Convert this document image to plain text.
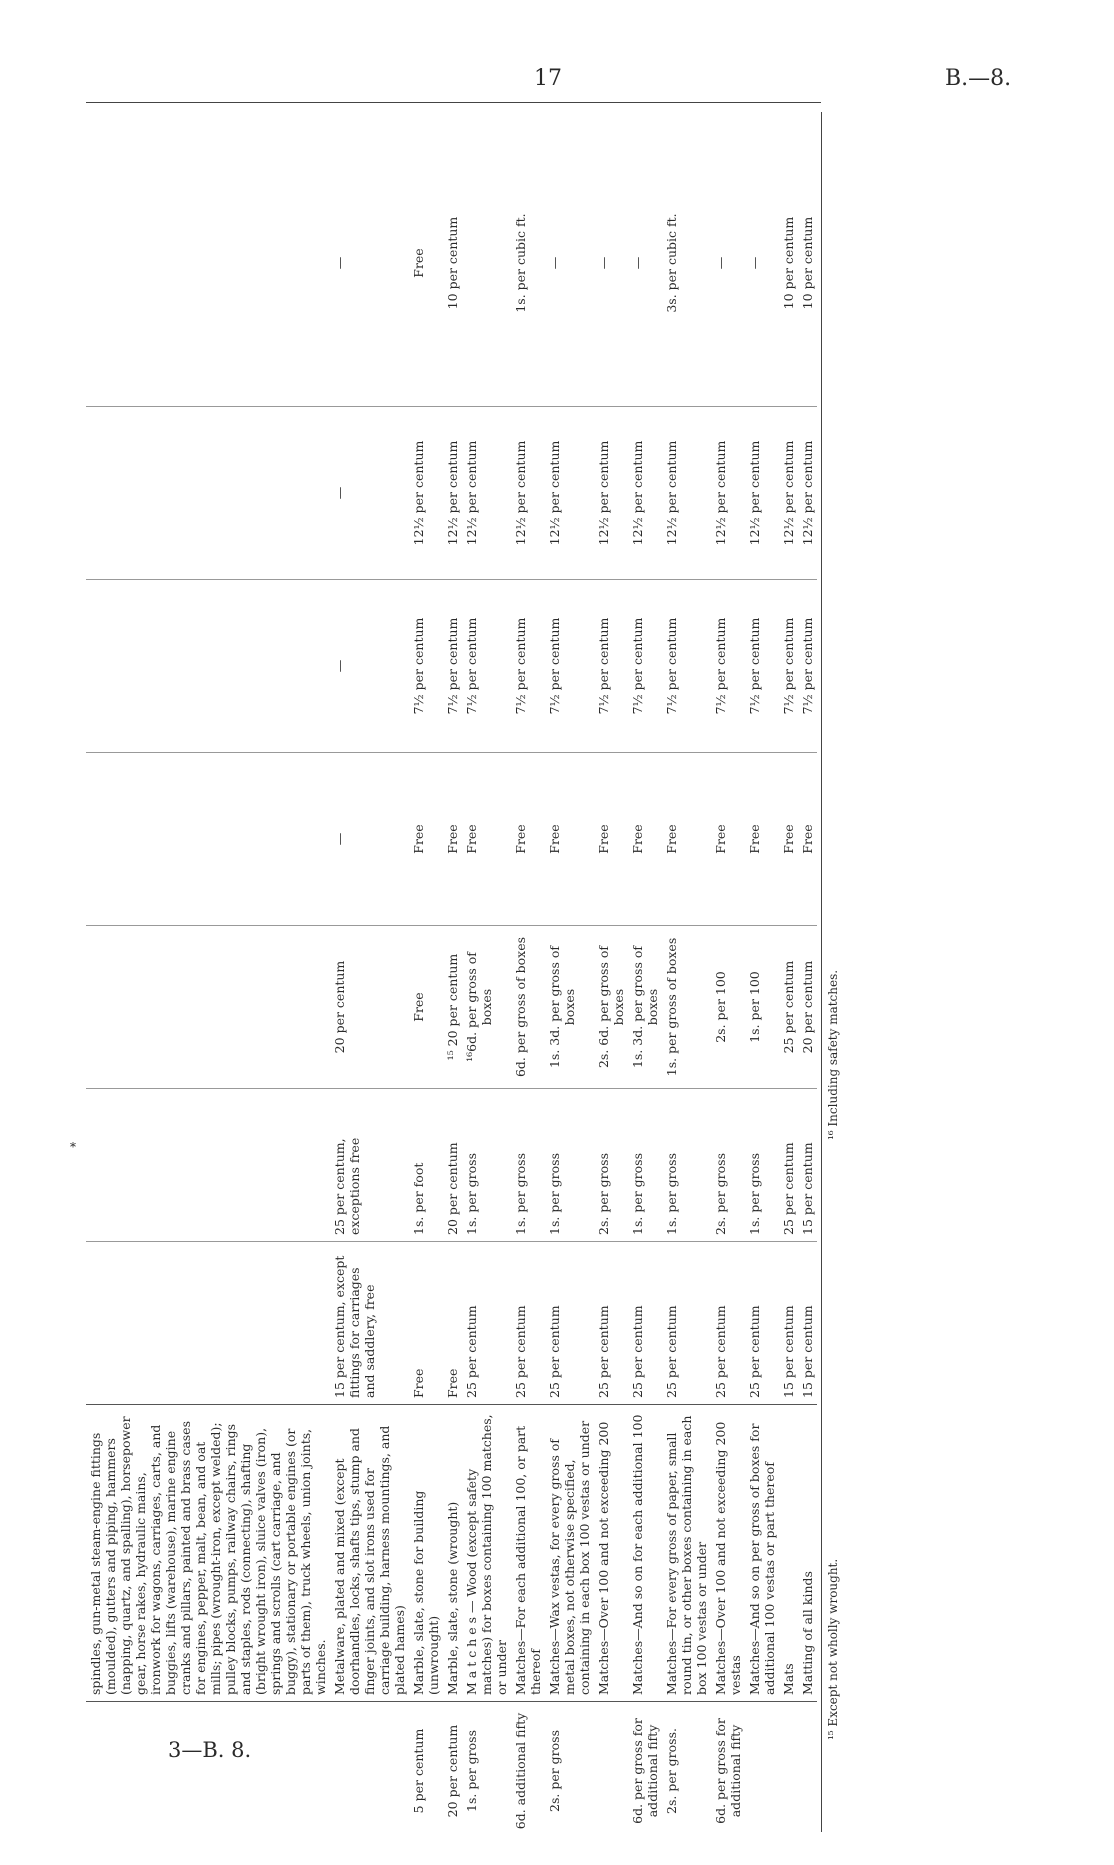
17	B.—8.
3—B. 8.
*
	spindles, gun-metal steam-engine fittings (moulded), gutters and piping, hammers (napping, quartz, and spalling), horsepower gear, horse rakes, hydraulic mains, ironwork for wagons, carriages, carts, and buggies, lifts (warehouse), marine engine cranks and pillars, painted and brass cases for engines, pepper, malt, bean, and oat mills; pipes (wrought-iron, except welded); pulley blocks, pumps, railway chairs, rings and staples, rods (connecting), shafting (bright wrought iron), sluice valves (iron), springs and scrolls (cart carriage, and buggy), stationary or portable engines (or parts of them), truck wheels, union joints, winches.							
	Metalware, plated and mixed (except doorhandles, locks, shafts tips, stump and finger joints, and slot irons used for carriage building, harness mountings, and plated hames)	15 per centum, except fittings for carriages and saddlery, free	25 per centum, exceptions free	20 per centum	—	—	—	—
5 per centum	Marble, slate, stone for building (unwrought)	Free	1s. per foot	Free	Free	7½ per centum	12½ per centum	Free
20 per centum	Marble, slate, stone (wrought)	Free	20 per centum	¹⁵ 20 per centum	Free	7½ per centum	12½ per centum	10 per centum
1s. per gross	M a t c h e s — Wood (except safety matches) for boxes containing 100 matches, or under	25 per centum	1s. per gross	¹⁶6d. per gross of boxes	Free	7½ per centum	12½ per centum	
6d. additional fifty	Matches—For each additional 100, or part thereof	25 per centum	1s. per gross	6d. per gross of boxes	Free	7½ per centum	12½ per centum	1s. per cubic ft.
2s. per gross	Matches—Wax vestas, for every gross of metal boxes, not otherwise specified, containing in each box 100 vestas or under	25 per centum	1s. per gross	1s. 3d. per gross of boxes	Free	7½ per centum	12½ per centum	—
	Matches—Over 100 and not exceeding 200	25 per centum	2s. per gross	2s. 6d. per gross of boxes	Free	7½ per centum	12½ per centum	—
6d. per gross for additional fifty	Matches—And so on for each additional 100	25 per centum	1s. per gross	1s. 3d. per gross of boxes	Free	7½ per centum	12½ per centum	—
2s. per gross.	Matches—For every gross of paper, small round tin, or other boxes containing in each box 100 vestas or under	25 per centum	1s. per gross	1s. per gross of boxes	Free	7½ per centum	12½ per centum	3s. per cubic ft.
6d. per gross for additional fifty	Matches—Over 100 and not exceeding 200 vestas	25 per centum	2s. per gross	2s. per 100	Free	7½ per centum	12½ per centum	—
	Matches—And so on per gross of boxes for additional 100 vestas or part thereof	25 per centum	1s. per gross	1s. per 100	Free	7½ per centum	12½ per centum	—
	Mats	15 per centum	25 per centum	25 per centum	Free	7½ per centum	12½ per centum	10 per centum
	Matting of all kinds	15 per centum	15 per centum	20 per centum	Free	7½ per centum	12½ per centum	10 per centum
¹⁵ Except not wholly wrought.
¹⁶ Including safety matches.
